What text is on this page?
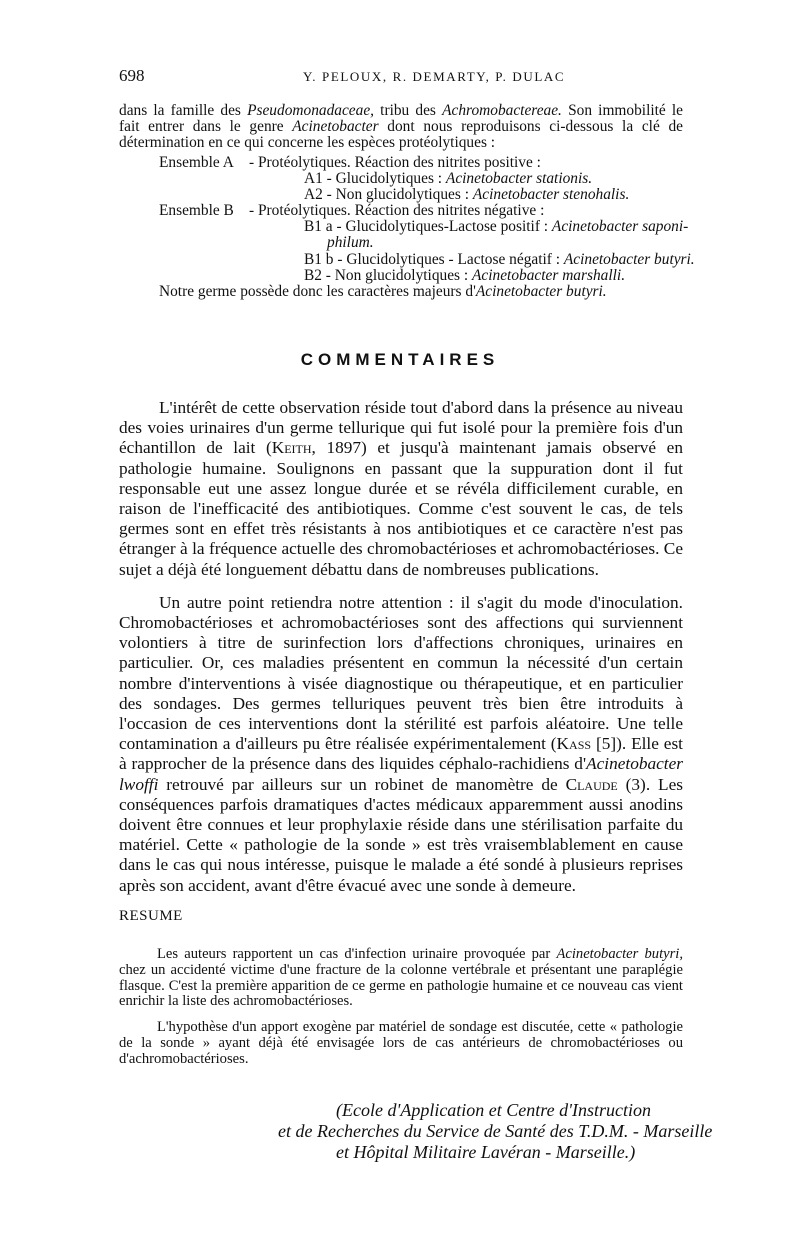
698	Y. PELOUX, R. DEMARTY, P. DULAC

dans la famille des Pseudomonadaceae, tribu des Achromobactereae. Son immobilité le fait entrer dans le genre Acinetobacter dont nous reproduisons ci-dessous la clé de détermination en ce qui concerne les espèces protéolytiques :

Ensemble A - Protéolytiques. Réaction des nitrites positive :
A1 - Glucidolytiques : Acinetobacter stationis.
A2 - Non glucidolytiques : Acinetobacter stenohalis.
Ensemble B - Protéolytiques. Réaction des nitrites négative :
B1 a - Glucidolytiques-Lactose positif : Acinetobacter saponi-
philum.
B1 b - Glucidolytiques - Lactose négatif : Acinetobacter butyri.
B2 - Non glucidolytiques : Acinetobacter marshalli.
Notre germe possède donc les caractères majeurs d'Acinetobacter butyri.
COMMENTAIRES

L'intérêt de cette observation réside tout d'abord dans la présence au niveau des voies urinaires d'un germe tellurique qui fut isolé pour la première fois d'un échantillon de lait (Keith, 1897) et jusqu'à maintenant jamais observé en pathologie humaine. Soulignons en passant que la suppuration dont il fut responsable eut une assez longue durée et se révéla difficilement curable, en raison de l'inefficacité des antibiotiques. Comme c'est souvent le cas, de tels germes sont en effet très résistants à nos antibiotiques et ce caractère n'est pas étranger à la fréquence actuelle des chromobactérioses et achromobactérioses. Ce sujet a déjà été longuement débattu dans de nombreuses publications.

Un autre point retiendra notre attention : il s'agit du mode d'inoculation. Chromobactérioses et achromobactérioses sont des affections qui surviennent volontiers à titre de surinfection lors d'affections chroniques, urinaires en particulier. Or, ces maladies présentent en commun la nécessité d'un certain nombre d'interventions à visée diagnostique ou thérapeutique, et en particulier des sondages. Des germes telluriques peuvent très bien être introduits à l'occasion de ces interventions dont la stérilité est parfois aléatoire. Une telle contamination a d'ailleurs pu être réalisée expérimentalement (Kass [5]). Elle est à rapprocher de la présence dans des liquides céphalo-rachidiens d'Acinetobacter lwoffi retrouvé par ailleurs sur un robinet de manomètre de Claude (3). Les conséquences parfois dramatiques d'actes médicaux apparemment aussi anodins doivent être connues et leur prophylaxie réside dans une stérilisation parfaite du matériel. Cette « pathologie de la sonde » est très vraisemblablement en cause dans le cas qui nous intéresse, puisque le malade a été sondé à plusieurs reprises après son accident, avant d'être évacué avec une sonde à demeure.

RESUME

Les auteurs rapportent un cas d'infection urinaire provoquée par Acinetobacter butyri, chez un accidenté victime d'une fracture de la colonne vertébrale et présentant une paraplégie flasque. C'est la première apparition de ce germe en pathologie humaine et ce nouveau cas vient enrichir la liste des achromobactérioses.

L'hypothèse d'un apport exogène par matériel de sondage est discutée, cette « pathologie de la sonde » ayant déjà été envisagée lors de cas antérieurs de chromobactérioses ou d'achromobactérioses.

(Ecole d'Application et Centre d'Instruction
et de Recherches du Service de Santé des T.D.M. - Marseille
et Hôpital Militaire Lavéran - Marseille.)
